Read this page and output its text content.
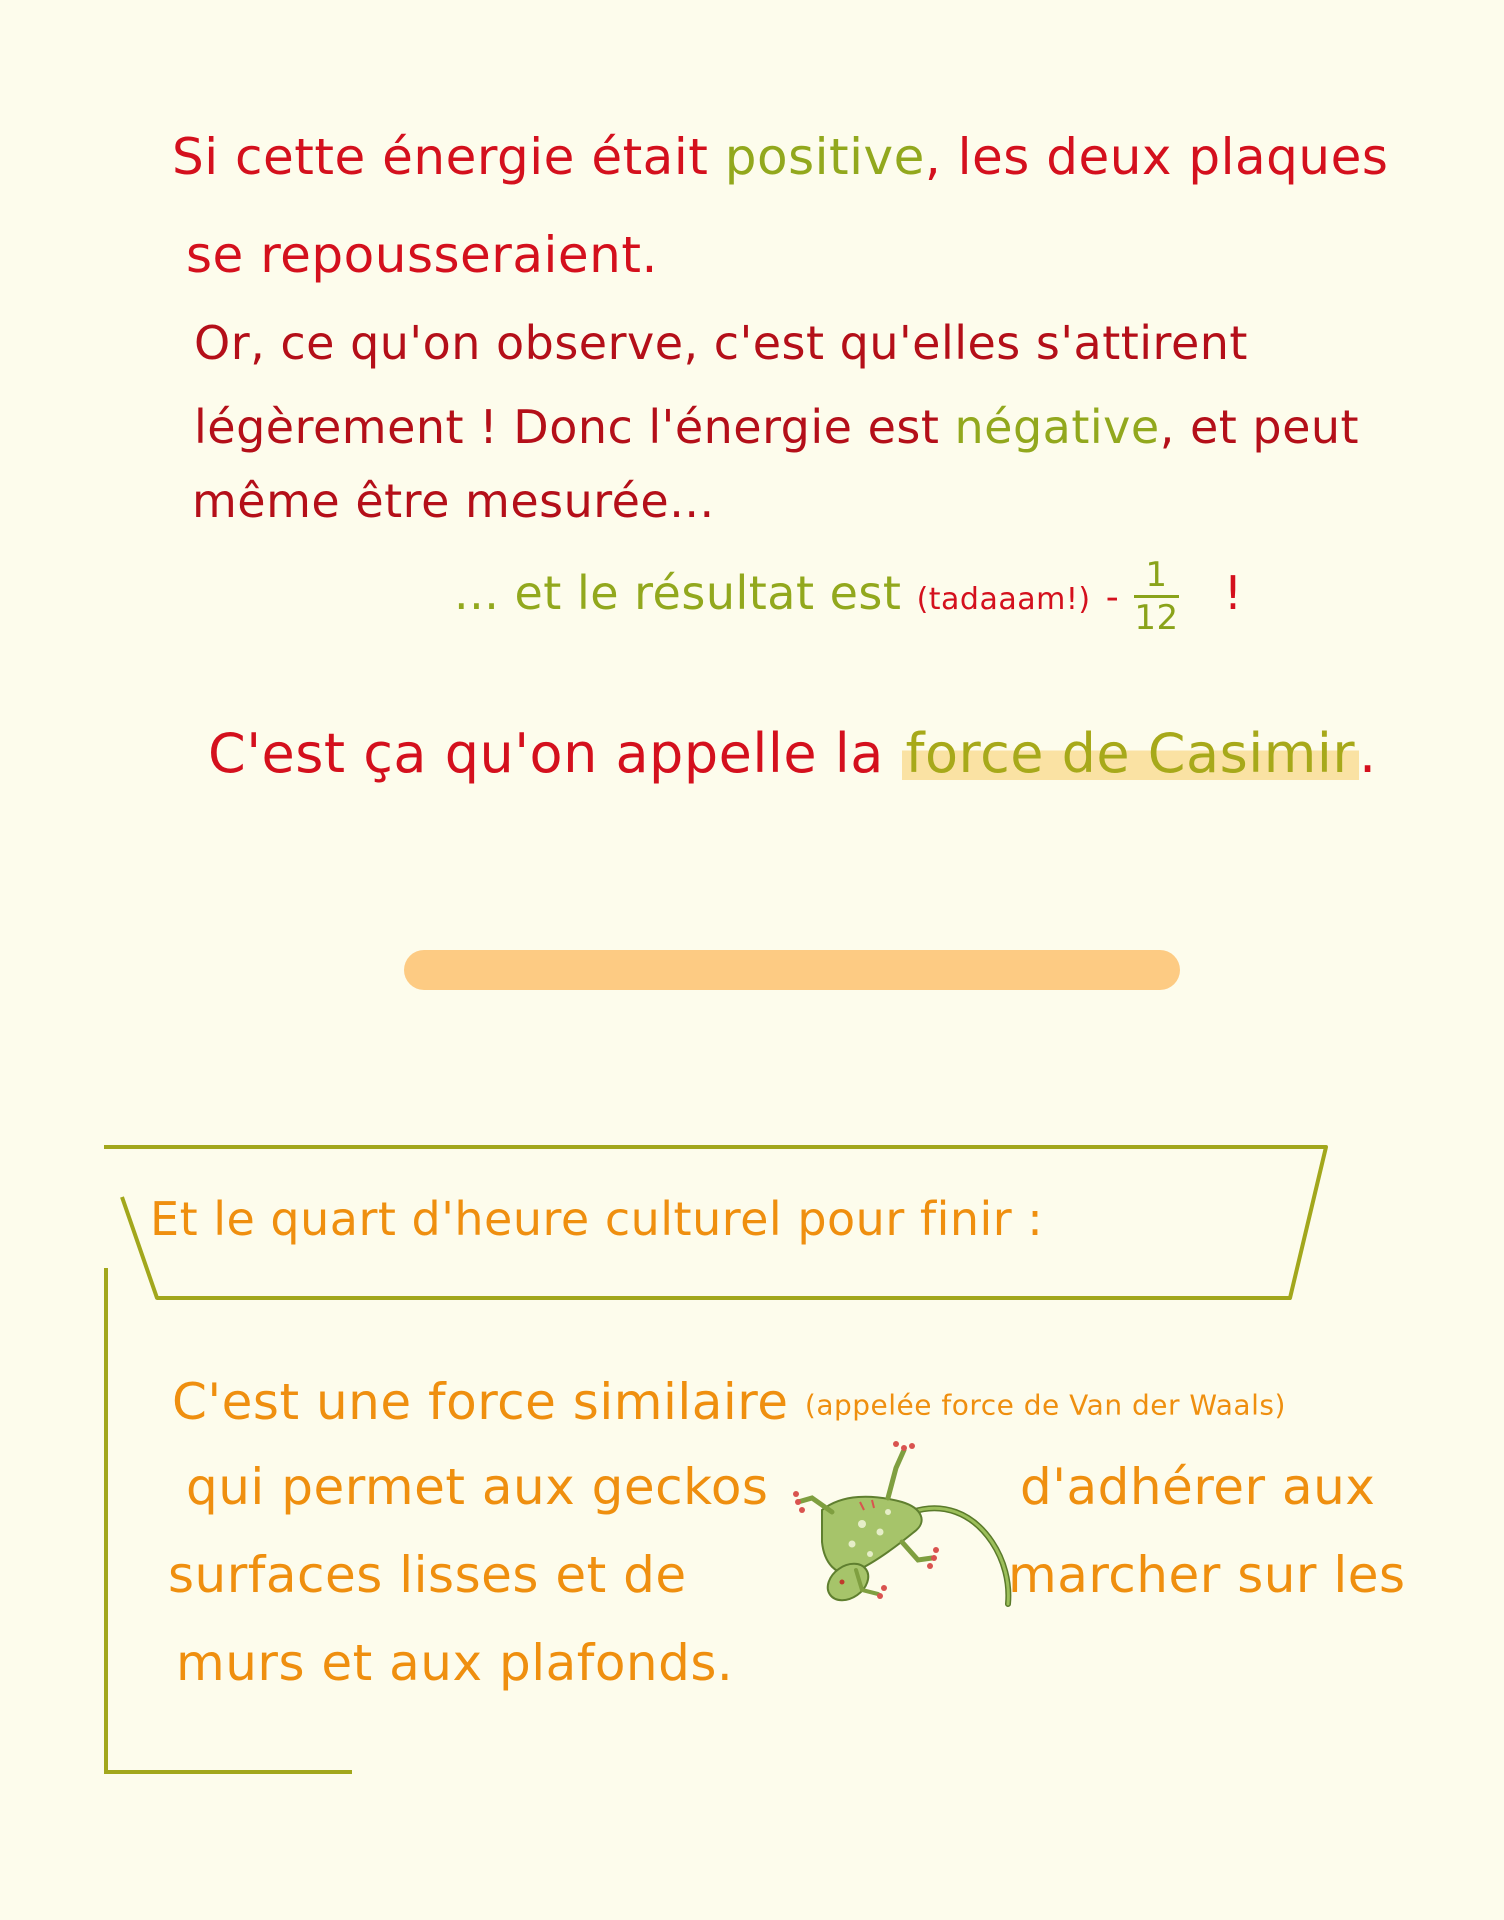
Si cette énergie était positive, les deux plaques
se repousseraient.
Or, ce qu'on observe, c'est qu'elles s'attirent
légèrement ! Donc l'énergie est négative, et peut
même être mesurée...
... et le résultat est (tadaaam!) - $\frac{1}{12}$ !
C'est ça qu'on appelle la force de Casimir.
Et le quart d'heure culturel pour finir :
C'est une force similaire (appelée force de Van der Waals)
qui permet aux geckos	d'adhérer aux
surfaces lisses et de	marcher sur les
murs et aux plafonds.
